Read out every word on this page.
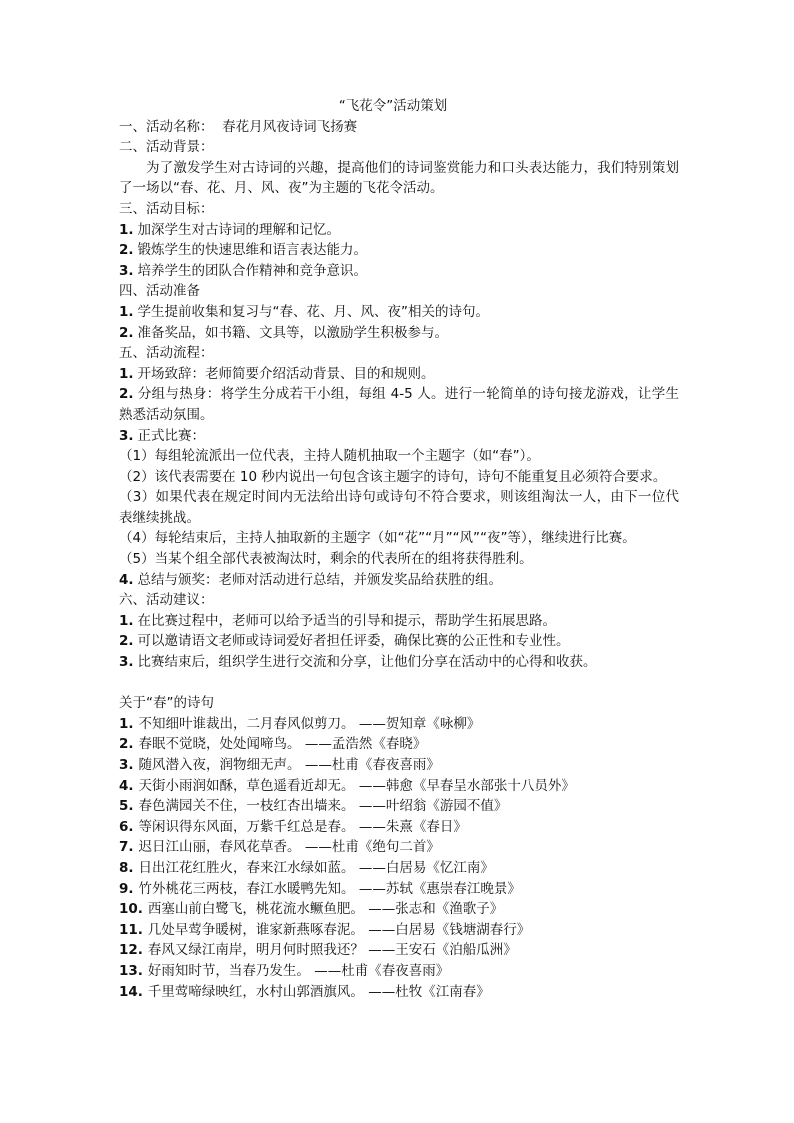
“飞花令”活动策划
一、活动名称： 春花月风夜诗词飞扬赛
二、活动背景：
为了激发学生对古诗词的兴趣，提高他们的诗词鉴赏能力和口头表达能力，我们特别策划了一场以“春、花、月、风、夜”为主题的飞花令活动。
三、活动目标：
1. 加深学生对古诗词的理解和记忆。
2. 锻炼学生的快速思维和语言表达能力。
3. 培养学生的团队合作精神和竞争意识。
四、活动准备
1. 学生提前收集和复习与“春、花、月、风、夜”相关的诗句。
2. 准备奖品，如书籍、文具等，以激励学生积极参与。
五、活动流程：
1. 开场致辞：老师简要介绍活动背景、目的和规则。
2. 分组与热身：将学生分成若干小组，每组 4-5 人。进行一轮简单的诗句接龙游戏，让学生熟悉活动氛围。
3. 正式比赛：
（1）每组轮流派出一位代表，主持人随机抽取一个主题字（如“春”）。
（2）该代表需要在 10 秒内说出一句包含该主题字的诗句，诗句不能重复且必须符合要求。
（3）如果代表在规定时间内无法给出诗句或诗句不符合要求，则该组淘汰一人，由下一位代表继续挑战。
（4）每轮结束后，主持人抽取新的主题字（如“花”“月”“风”“夜”等），继续进行比赛。
（5）当某个组全部代表被淘汰时，剩余的代表所在的组将获得胜利。
4. 总结与颁奖：老师对活动进行总结，并颁发奖品给获胜的组。
六、活动建议：
1. 在比赛过程中，老师可以给予适当的引导和提示，帮助学生拓展思路。
2. 可以邀请语文老师或诗词爱好者担任评委，确保比赛的公正性和专业性。
3. 比赛结束后，组织学生进行交流和分享，让他们分享在活动中的心得和收获。
关于“春”的诗句
1. 不知细叶谁裁出，二月春风似剪刀。 ——贺知章《咏柳》
2. 春眠不觉晓，处处闻啼鸟。 ——孟浩然《春晓》
3. 随风潜入夜，润物细无声。 ——杜甫《春夜喜雨》
4. 天街小雨润如酥，草色遥看近却无。 ——韩愈《早春呈水部张十八员外》
5. 春色满园关不住，一枝红杏出墙来。 ——叶绍翁《游园不值》
6. 等闲识得东风面，万紫千红总是春。 ——朱熹《春日》
7. 迟日江山丽，春风花草香。 ——杜甫《绝句二首》
8. 日出江花红胜火，春来江水绿如蓝。 ——白居易《忆江南》
9. 竹外桃花三两枝，春江水暖鸭先知。 ——苏轼《惠崇春江晚景》
10. 西塞山前白鹭飞，桃花流水鳜鱼肥。 ——张志和《渔歌子》
11. 几处早莺争暖树，谁家新燕啄春泥。 ——白居易《钱塘湖春行》
12. 春风又绿江南岸，明月何时照我还？ ——王安石《泊船瓜洲》
13. 好雨知时节，当春乃发生。 ——杜甫《春夜喜雨》
14. 千里莺啼绿映红，水村山郭酒旗风。 ——杜牧《江南春》
